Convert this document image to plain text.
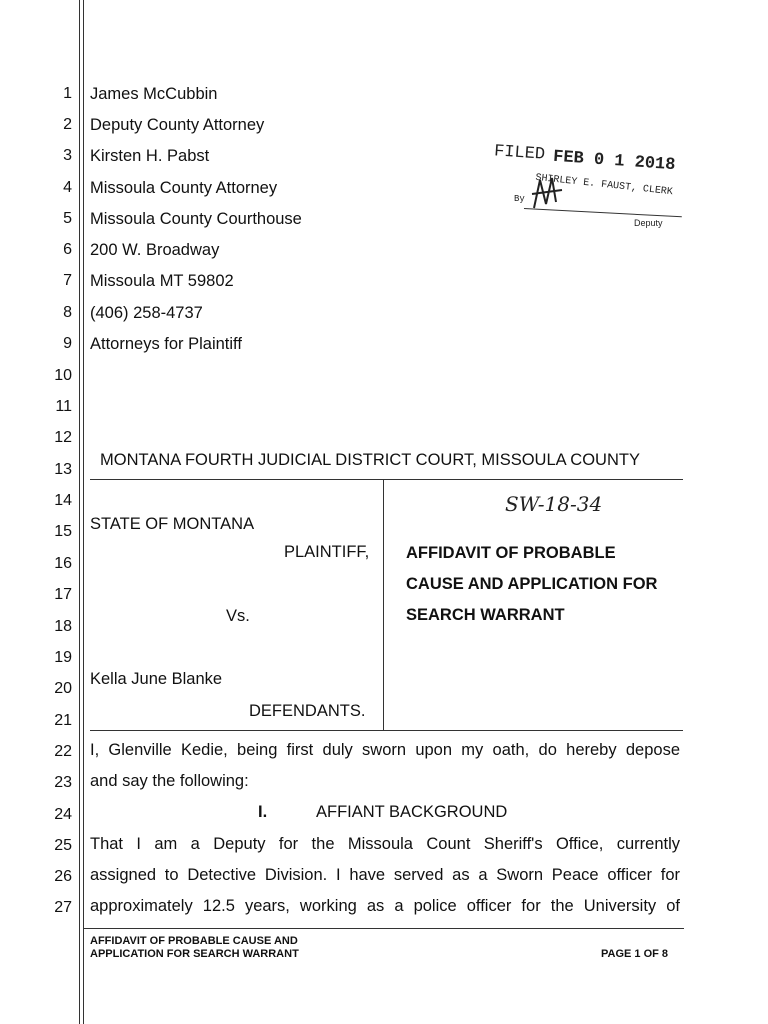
1
2
3
4
5
6
7
8
9
10
11
12
13
14
15
16
17
18
19
20
21
22
23
24
25
26
27
James McCubbin
Deputy County Attorney
Kirsten H. Pabst
Missoula County Attorney
Missoula County Courthouse
200 W. Broadway
Missoula MT 59802
(406) 258-4737
Attorneys for Plaintiff
FILED FEB 0 1 2018
SHIRLEY E. FAUST, CLERK
By
Deputy
MONTANA FOURTH JUDICIAL DISTRICT COURT, MISSOULA COUNTY
STATE OF MONTANA
PLAINTIFF,
Vs.
Kella June Blanke
DEFENDANTS.
SW-18-34
AFFIDAVIT OF PROBABLE
CAUSE AND APPLICATION FOR
SEARCH WARRANT
I, Glenville Kedie, being first duly sworn upon my oath, do hereby depose
and say the following:
I.	AFFIANT BACKGROUND
That I am a Deputy for the Missoula Count Sheriff's Office, currently
assigned to Detective Division. I have served as a Sworn Peace officer for
approximately 12.5 years, working as a police officer for the University of
AFFIDAVIT OF PROBABLE CAUSE AND
APPLICATION FOR SEARCH WARRANT	PAGE 1 OF 8
